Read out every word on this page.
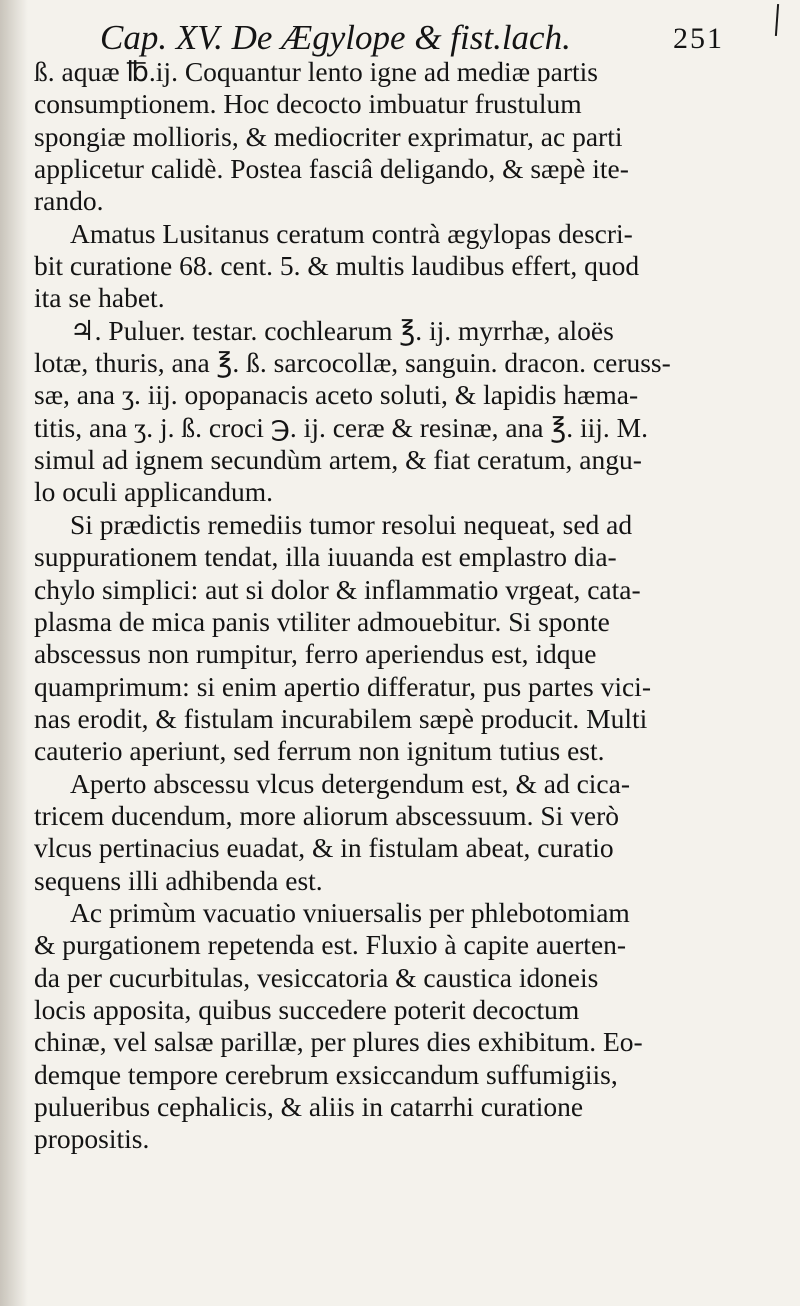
Cap. XV. De Ægylope & fist.lach.	251
ß. aquæ ℔.ij. Coquantur lento igne ad mediæ partis
consumptionem. Hoc decocto imbuatur frustulum
spongiæ mollioris, & mediocriter exprimatur, ac parti
applicetur calidè. Postea fasciâ deligando, & sæpè ite-
rando.
Amatus Lusitanus ceratum contrà ægylopas descri-
bit curatione 68. cent. 5. & multis laudibus effert, quod
ita se habet.
♃. Puluer. testar. cochlearum ℥. ij. myrrhæ, aloës
lotæ, thuris, ana ℥. ß. sarcocollæ, sanguin. dracon. ceruss-
sæ, ana ʒ. iij. opopanacis aceto soluti, & lapidis hæma-
titis, ana ʒ. j. ß. croci ℈. ij. ceræ & resinæ, ana ℥. iij. M.
simul ad ignem secundùm artem, & fiat ceratum, angu-
lo oculi applicandum.
Si prædictis remediis tumor resolui nequeat, sed ad
suppurationem tendat, illa iuuanda est emplastro dia-
chylo simplici: aut si dolor & inflammatio vrgeat, cata-
plasma de mica panis vtiliter admouebitur. Si sponte
abscessus non rumpitur, ferro aperiendus est, idque
quamprimum: si enim apertio differatur, pus partes vici-
nas erodit, & fistulam incurabilem sæpè producit. Multi
cauterio aperiunt, sed ferrum non ignitum tutius est.
Aperto abscessu vlcus detergendum est, & ad cica-
tricem ducendum, more aliorum abscessuum. Si verò
vlcus pertinacius euadat, & in fistulam abeat, curatio
sequens illi adhibenda est.
Ac primùm vacuatio vniuersalis per phlebotomiam
& purgationem repetenda est. Fluxio à capite auerten-
da per cucurbitulas, vesiccatoria & caustica idoneis
locis apposita, quibus succedere poterit decoctum
chinæ, vel salsæ parillæ, per plures dies exhibitum. Eo-
demque tempore cerebrum exsiccandum suffumigiis,
pulueribus cephalicis, & aliis in catarrhi curatione
propositis.
